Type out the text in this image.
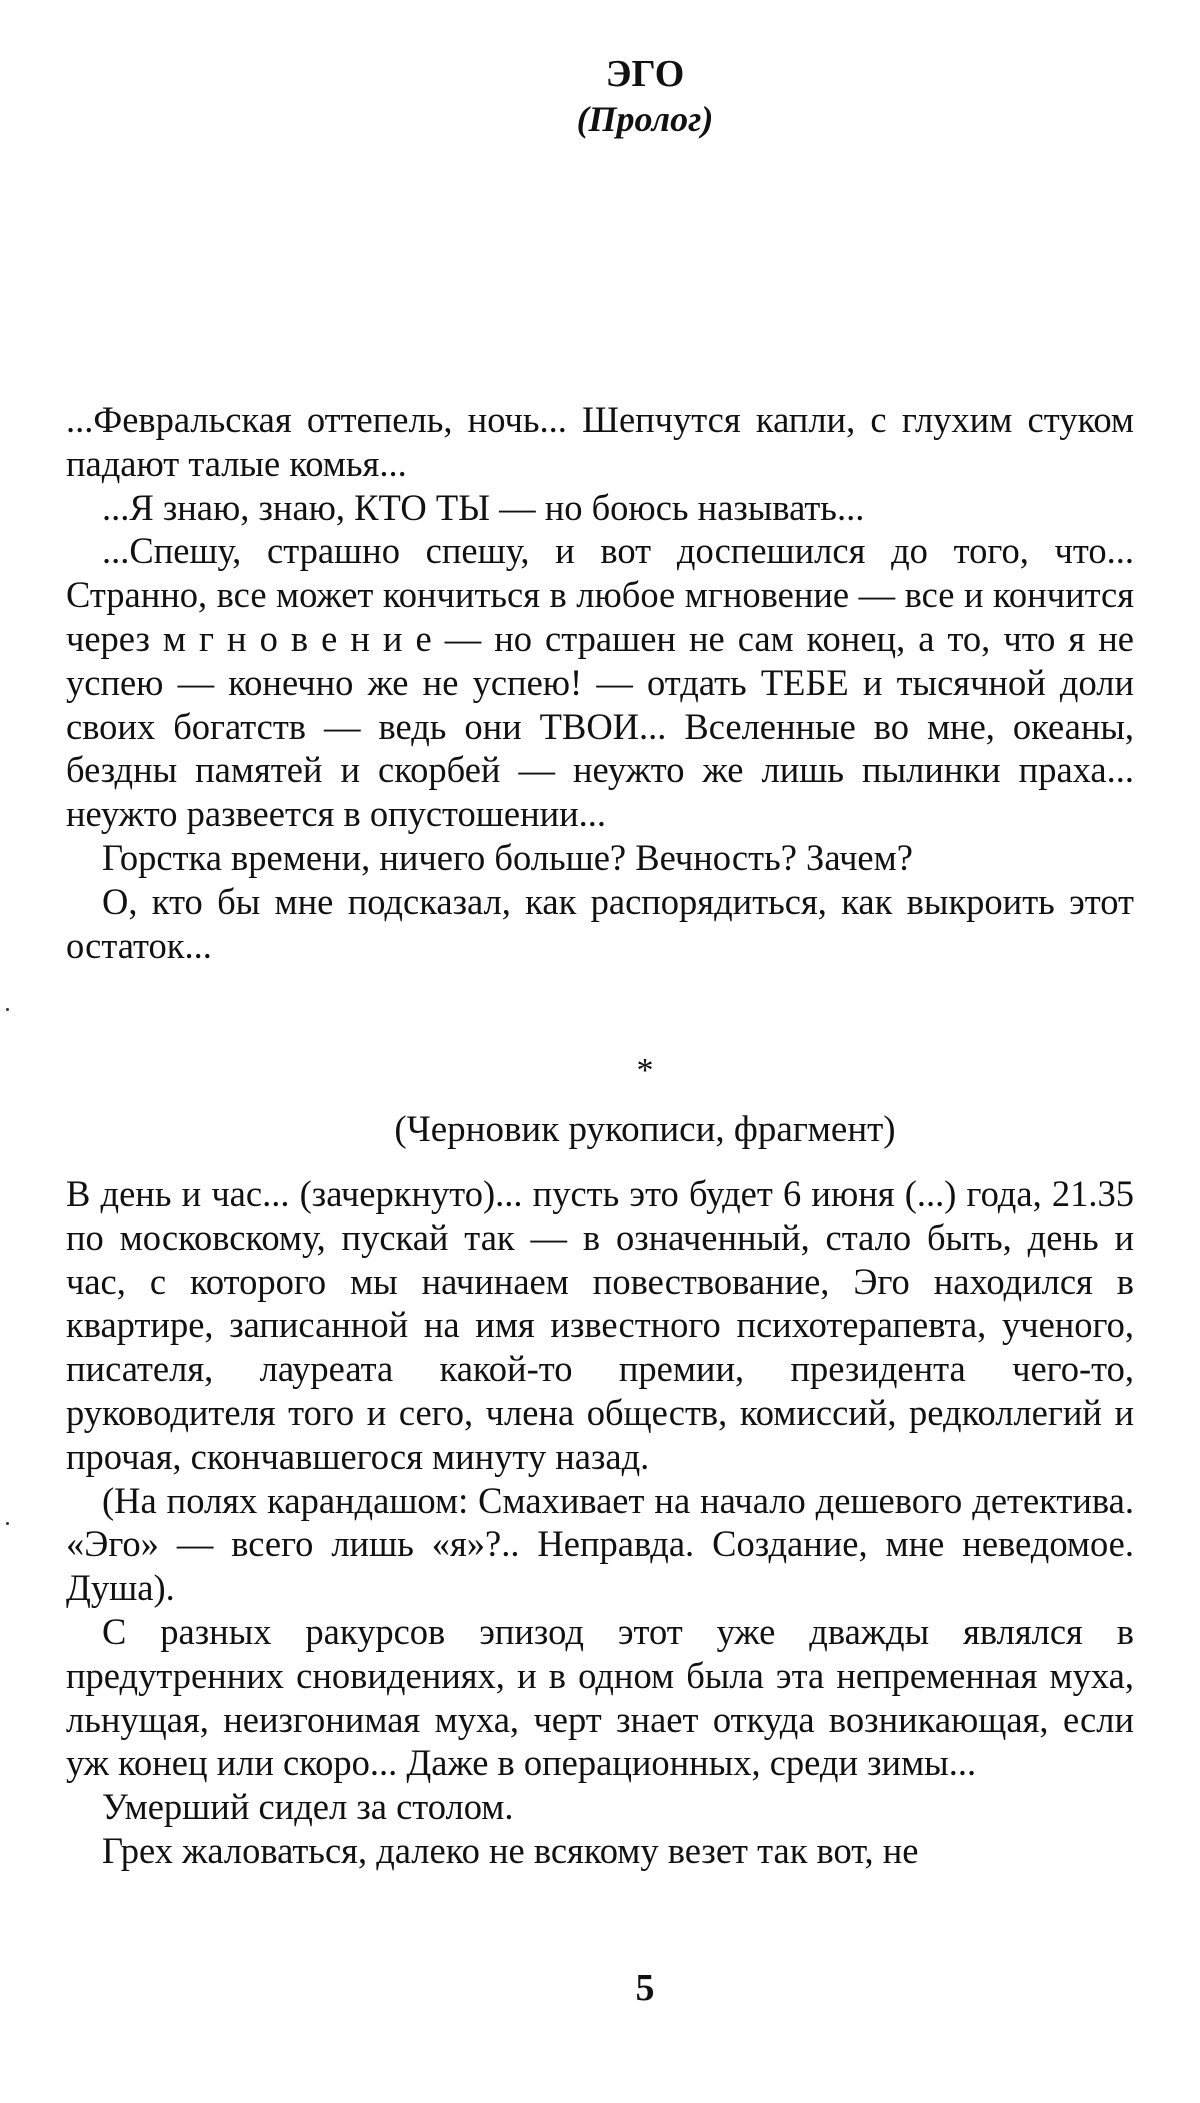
ЭГО
(Пролог)

...Февральская оттепель, ночь... Шепчутся капли, с глухим стуком падают талые комья...

...Я знаю, знаю, КТО ТЫ — но боюсь называть...

...Спешу, страшно спешу, и вот доспешился до того, что... Странно, все может кончиться в любое мгновение — все и кончится через м г н о в е н и е — но страшен не сам конец, а то, что я не успею — конечно же не успею! — отдать ТЕБЕ и тысячной доли своих богатств — ведь они ТВОИ... Вселенные во мне, океаны, бездны памятей и скорбей — неужто же лишь пылинки праха... неужто развеется в опустошении...

Горстка времени, ничего больше? Вечность? Зачем?

О, кто бы мне подсказал, как распорядиться, как выкроить этот остаток...

*
(Черновик рукописи, фрагмент)

В день и час... (зачеркнуто)... пусть это будет 6 июня (...) года, 21.35 по московскому, пускай так — в означенный, стало быть, день и час, с которого мы начинаем повествование, Эго находился в квартире, записанной на имя известного психотерапевта, ученого, писателя, лауреата какой-то премии, президента чего-то, руководителя того и сего, члена обществ, комиссий, редколлегий и прочая, скончавшегося минуту назад.

(На полях карандашом: Смахивает на начало дешевого детектива. «Эго» — всего лишь «я»?.. Неправда. Создание, мне неведомое. Душа).

С разных ракурсов эпизод этот уже дважды являлся в предутренних сновидениях, и в одном была эта непременная муха, льнущая, неизгонимая муха, черт знает откуда возникающая, если уж конец или скоро... Даже в операционных, среди зимы...

Умерший сидел за столом.

Грех жаловаться, далеко не всякому везет так вот, не

5
